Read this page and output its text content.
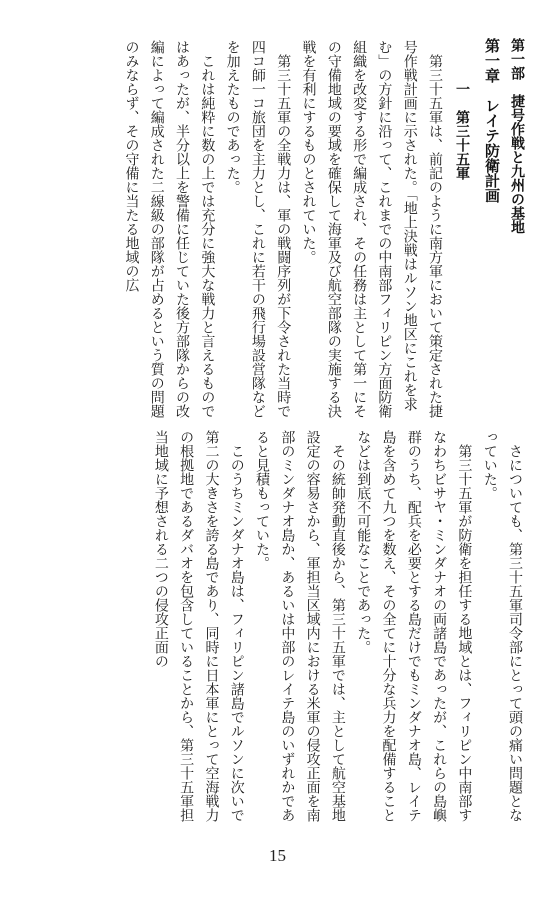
第一部　捷号作戦と九州の基地
第一章　レイテ防衛計画
一　第三十五軍

第三十五軍は、前記のように南方軍において策定された捷号作戦計画に示された。「地上決戦はルソン地区にこれを求む」の方針に沿って、これまでの中南部フィリピン方面防衛組織を改変する形で編成され、その任務は主として第一にその守備地域の要域を確保して海軍及び航空部隊の実施する決戦を有利にするものとされていた。

第三十五軍の全戦力は、軍の戦闘序列が下令された当時で四コ師一コ旅団を主力とし、これに若干の飛行場設営隊などを加えたものであった。

これは純粋に数の上では充分に強大な戦力と言えるものではあったが、半分以上を警備に任じていた後方部隊からの改編によって編成された二線級の部隊が占めるという質の問題のみならず、その守備に当たる地域の広

さについても、第三十五軍司令部にとって頭の痛い問題となっていた。

第三十五軍が防衛を担任する地域とは、フィリピン中南部すなわちビサヤ・ミンダナオの両諸島であったが、これらの島嶼群のうち、配兵を必要とする島だけでもミンダナオ島、レイテ島を含めて九つを数え、その全てに十分な兵力を配備することなどは到底不可能なことであった。

その統帥発動直後から、第三十五軍では、主として航空基地設定の容易さから、軍担当区域内における米軍の侵攻正面を南部のミンダナオ島か、あるいは中部のレイテ島のいずれかであると見積もっていた。

このうちミンダナオ島は、フィリピン諸島でルソンに次いで第二の大きさを誇る島であり、同時に日本軍にとって空海戦力の根拠地であるダバオを包含していることから、第三十五軍担当地域に予想される二つの侵攻正面の

15
